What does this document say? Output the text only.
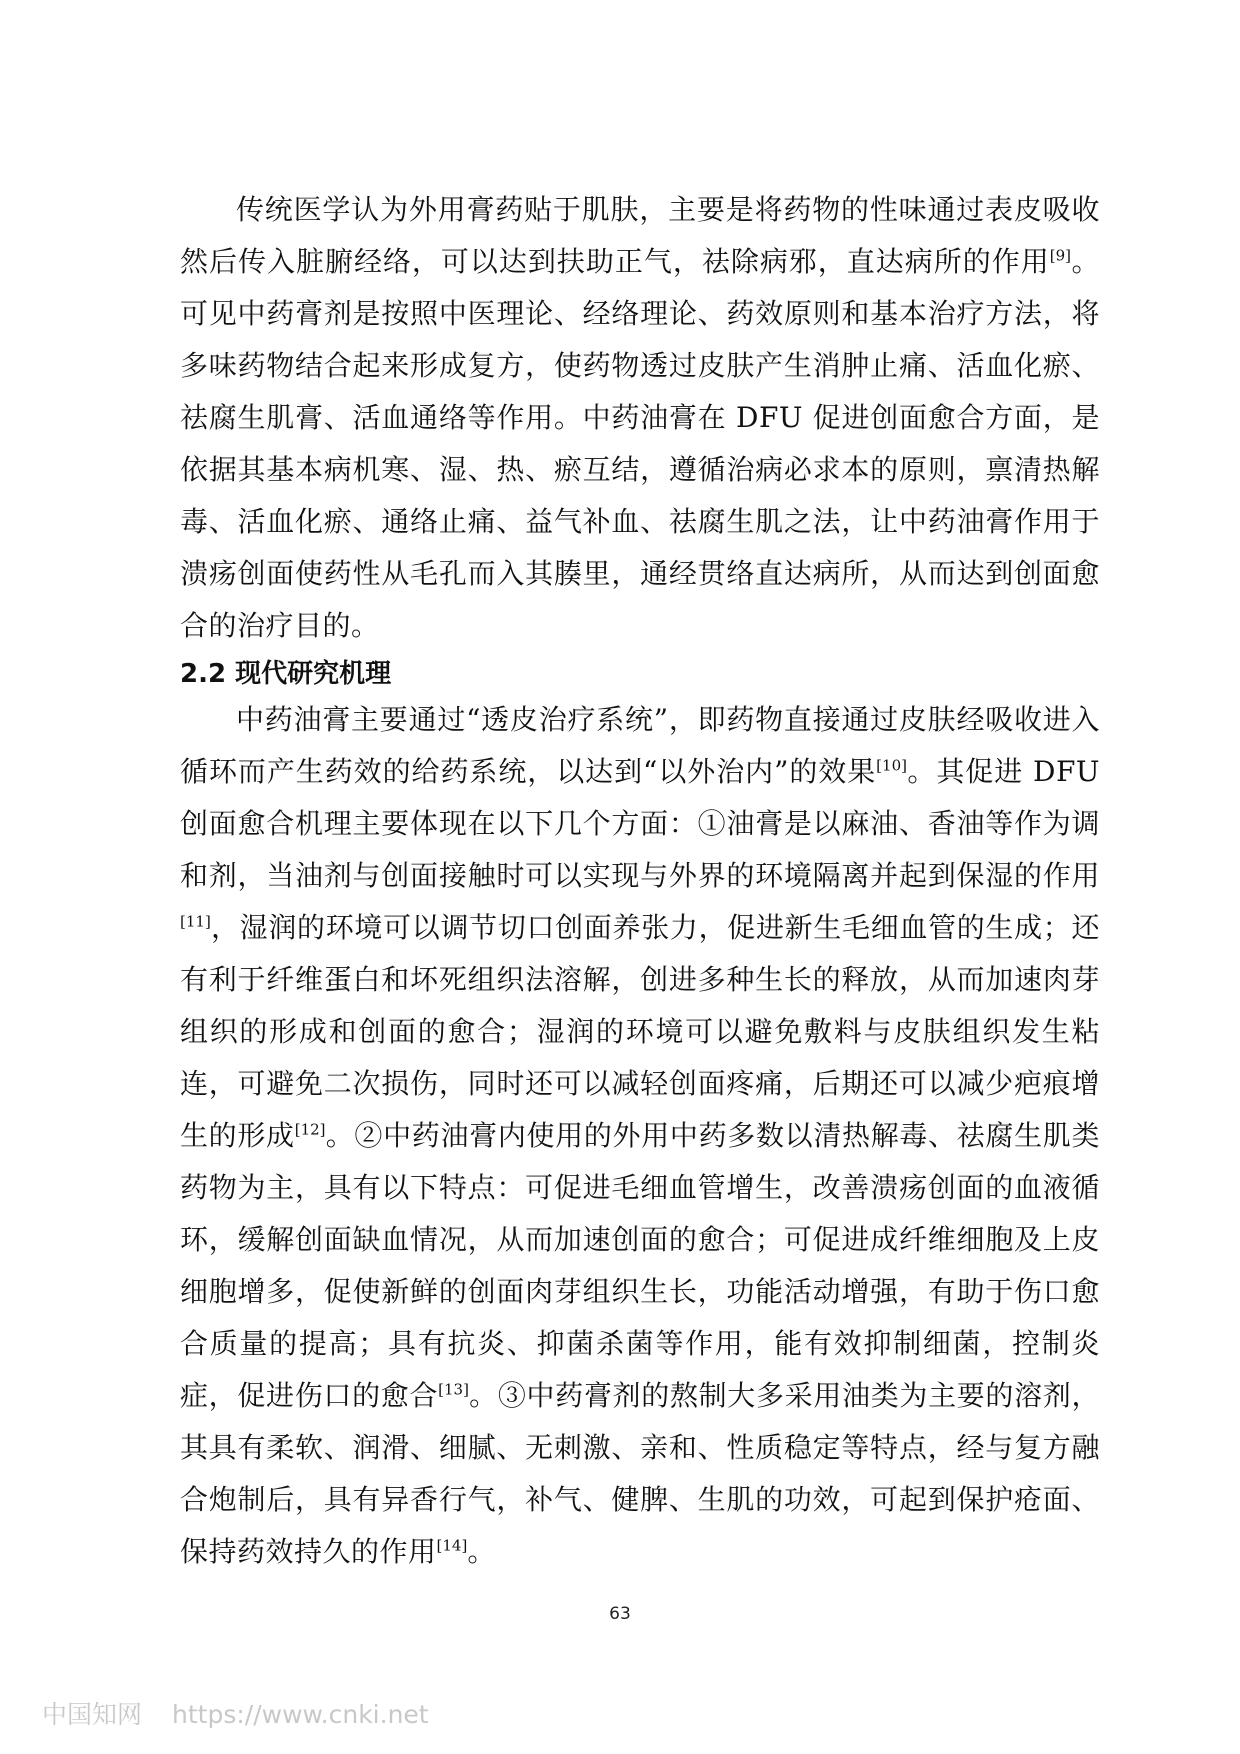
传统医学认为外用膏药贴于肌肤，主要是将药物的性味通过表皮吸收然后传入脏腑经络，可以达到扶助正气，祛除病邪，直达病所的作用[9]。可见中药膏剂是按照中医理论、经络理论、药效原则和基本治疗方法，将多味药物结合起来形成复方，使药物透过皮肤产生消肿止痛、活血化瘀、祛腐生肌膏、活血通络等作用。中药油膏在 DFU 促进创面愈合方面，是依据其基本病机寒、湿、热、瘀互结，遵循治病必求本的原则，禀清热解毒、活血化瘀、通络止痛、益气补血、祛腐生肌之法，让中药油膏作用于溃疡创面使药性从毛孔而入其腠里，通经贯络直达病所，从而达到创面愈合的治疗目的。

2.2 现代研究机理

中药油膏主要通过“透皮治疗系统”，即药物直接通过皮肤经吸收进入循环而产生药效的给药系统，以达到“以外治内”的效果[10]。其促进 DFU 创面愈合机理主要体现在以下几个方面：①油膏是以麻油、香油等作为调和剂，当油剂与创面接触时可以实现与外界的环境隔离并起到保湿的作用[11]，湿润的环境可以调节切口创面养张力，促进新生毛细血管的生成；还有利于纤维蛋白和坏死组织法溶解，创进多种生长的释放，从而加速肉芽组织的形成和创面的愈合；湿润的环境可以避免敷料与皮肤组织发生粘连，可避免二次损伤，同时还可以减轻创面疼痛，后期还可以减少疤痕增生的形成[12]。②中药油膏内使用的外用中药多数以清热解毒、祛腐生肌类药物为主，具有以下特点：可促进毛细血管增生，改善溃疡创面的血液循环，缓解创面缺血情况，从而加速创面的愈合；可促进成纤维细胞及上皮细胞增多，促使新鲜的创面肉芽组织生长，功能活动增强，有助于伤口愈合质量的提高；具有抗炎、抑菌杀菌等作用，能有效抑制细菌，控制炎症，促进伤口的愈合[13]。③中药膏剂的熬制大多采用油类为主要的溶剂，其具有柔软、润滑、细腻、无刺激、亲和、性质稳定等特点，经与复方融合炮制后，具有异香行气，补气、健脾、生肌的功效，可起到保护疮面、保持药效持久的作用[14]。

63
中国知网 https://www.cnki.net
